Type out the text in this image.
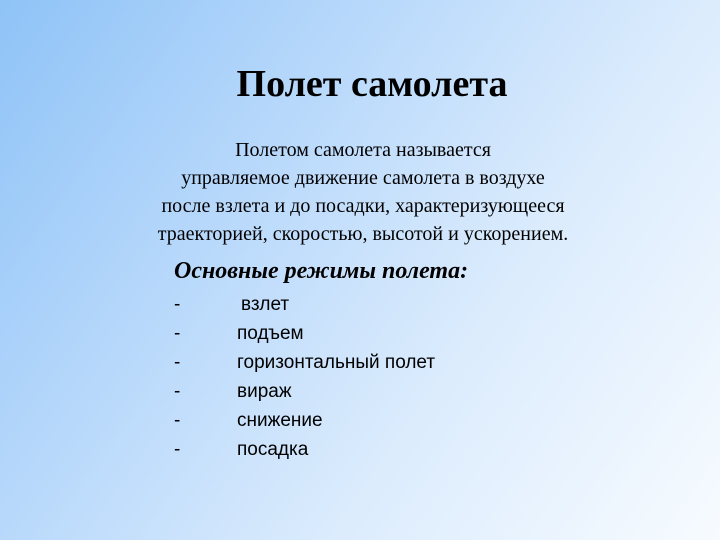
Полет самолета
Полетом самолета называется
управляемое движение самолета в воздухе
после взлета и до посадки, характеризующееся
траекторией, скоростью, высотой и ускорением.
Основные режимы полета:
-	взлет
-	подъем
-	горизонтальный полет
-	вираж
-	снижение
-	посадка
